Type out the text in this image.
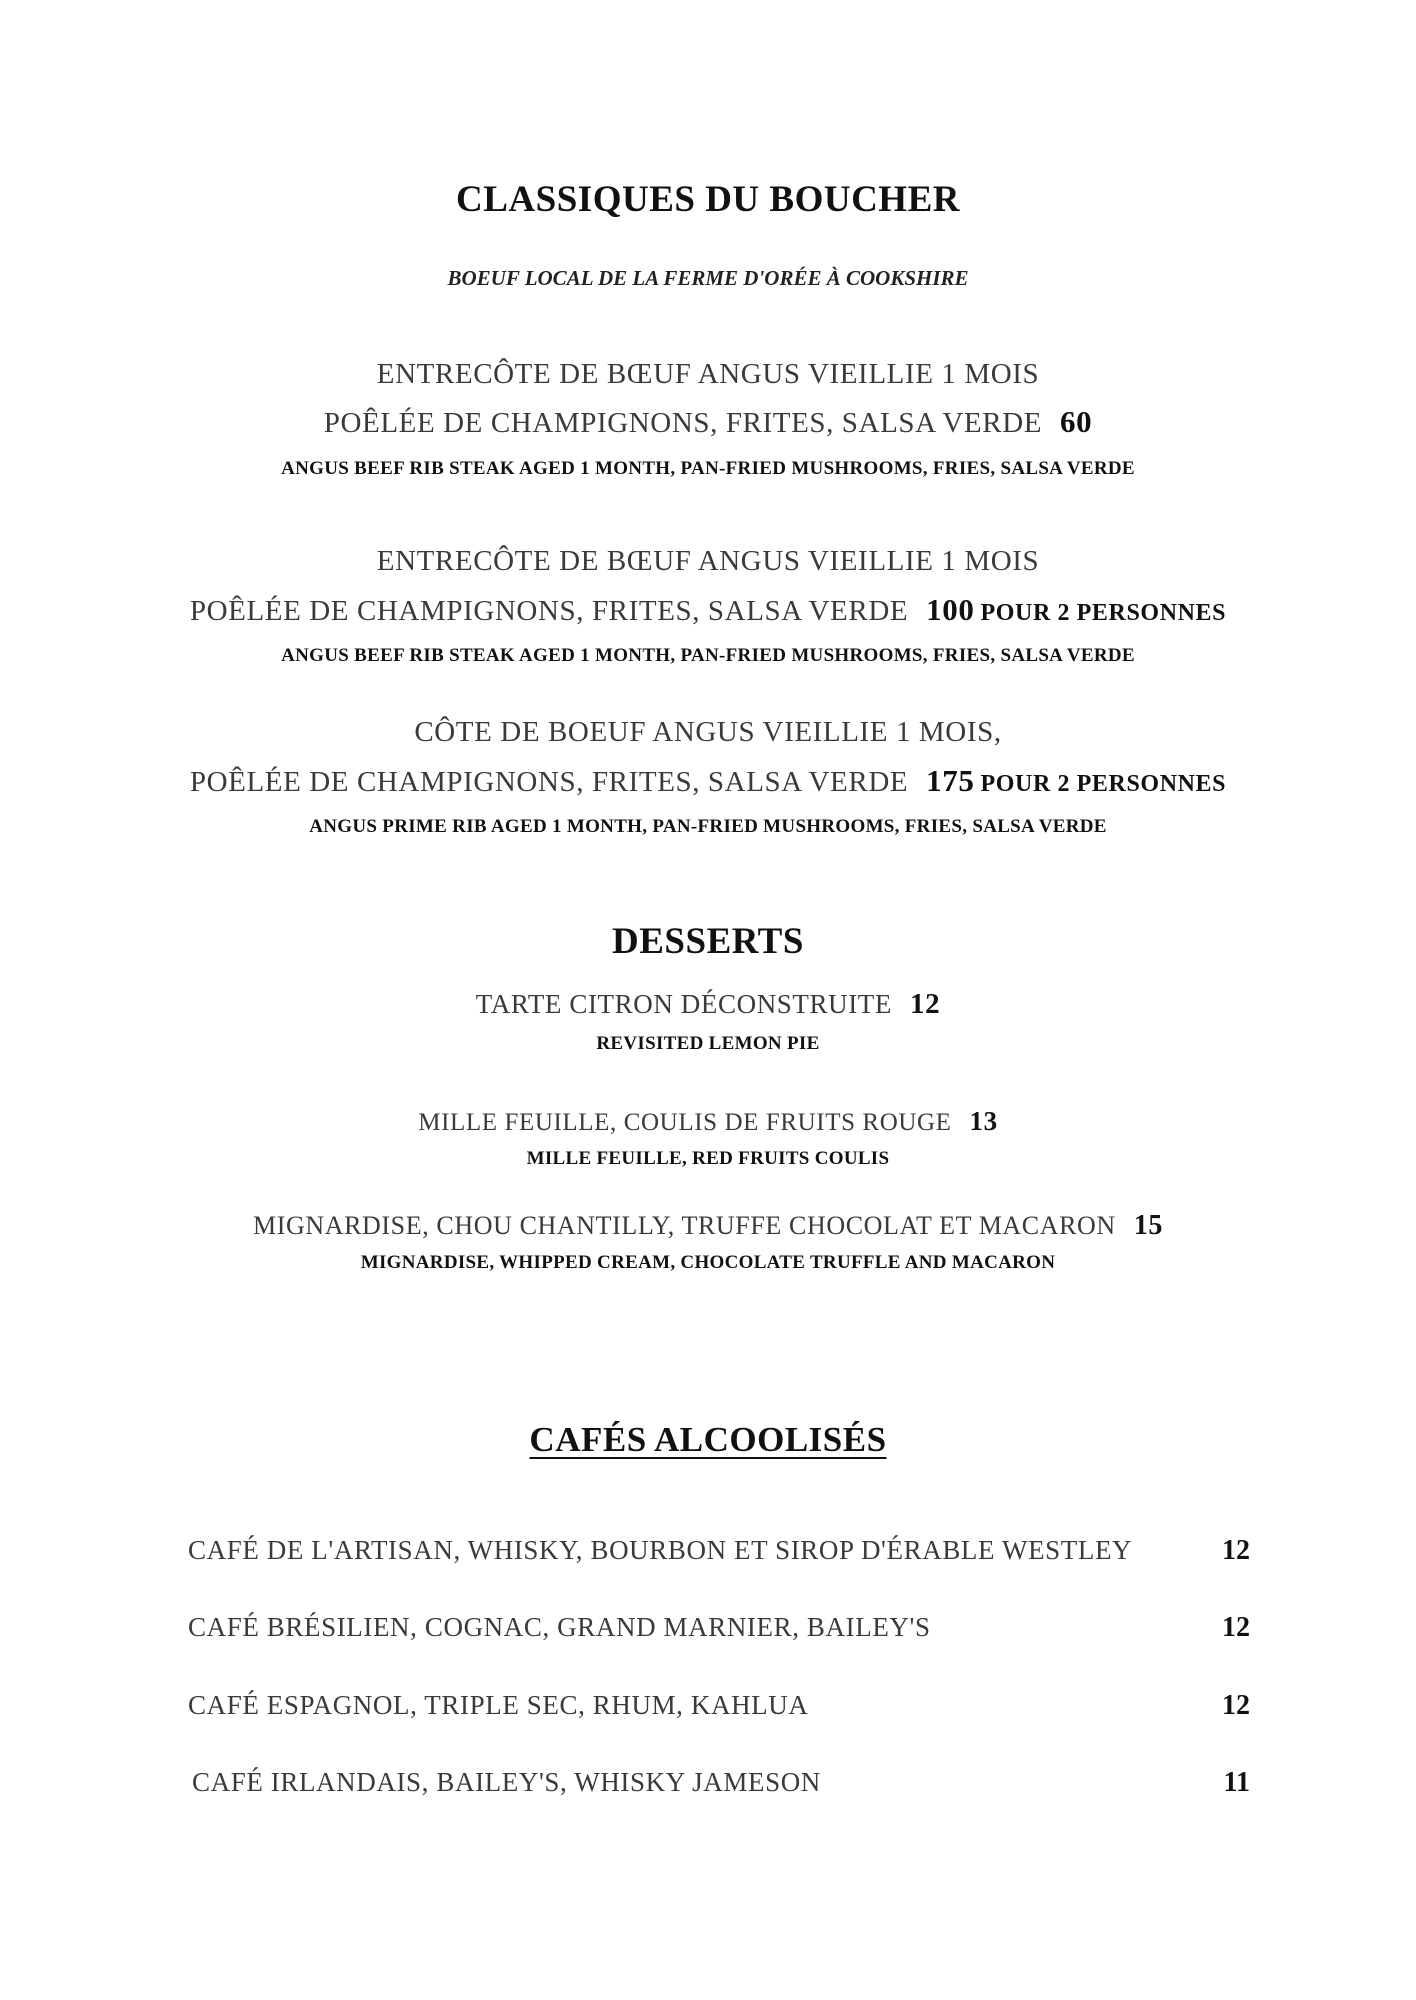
CLASSIQUES DU BOUCHER
BOEUF LOCAL DE LA FERME D'ORÉE À COOKSHIRE
ENTRECÔTE DE BŒUF ANGUS VIEILLIE 1 MOIS
POÊLÉE DE CHAMPIGNONS, FRITES, SALSA VERDE 60
ANGUS BEEF RIB STEAK AGED 1 MONTH, PAN-FRIED MUSHROOMS, FRIES, SALSA VERDE
ENTRECÔTE DE BŒUF ANGUS VIEILLIE 1 MOIS
POÊLÉE DE CHAMPIGNONS, FRITES, SALSA VERDE 100 POUR 2 PERSONNES
ANGUS BEEF RIB STEAK AGED 1 MONTH, PAN-FRIED MUSHROOMS, FRIES, SALSA VERDE
CÔTE DE BOEUF ANGUS VIEILLIE 1 MOIS,
POÊLÉE DE CHAMPIGNONS, FRITES, SALSA VERDE 175 POUR 2 PERSONNES
ANGUS PRIME RIB AGED 1 MONTH, PAN-FRIED MUSHROOMS, FRIES, SALSA VERDE
DESSERTS
TARTE CITRON DÉCONSTRUITE 12
REVISITED LEMON PIE
MILLE FEUILLE, COULIS DE FRUITS ROUGE 13
MILLE FEUILLE, RED FRUITS COULIS
MIGNARDISE, CHOU CHANTILLY, TRUFFE CHOCOLAT ET MACARON 15
MIGNARDISE, WHIPPED CREAM, CHOCOLATE TRUFFLE AND MACARON
CAFÉS ALCOOLISÉS
CAFÉ DE L'ARTISAN, WHISKY, BOURBON ET SIROP D'ÉRABLE WESTLEY	12
CAFÉ BRÉSILIEN, COGNAC, GRAND MARNIER, BAILEY'S	12
CAFÉ ESPAGNOL, TRIPLE SEC, RHUM, KAHLUA	12
CAFÉ IRLANDAIS, BAILEY'S, WHISKY JAMESON	11
